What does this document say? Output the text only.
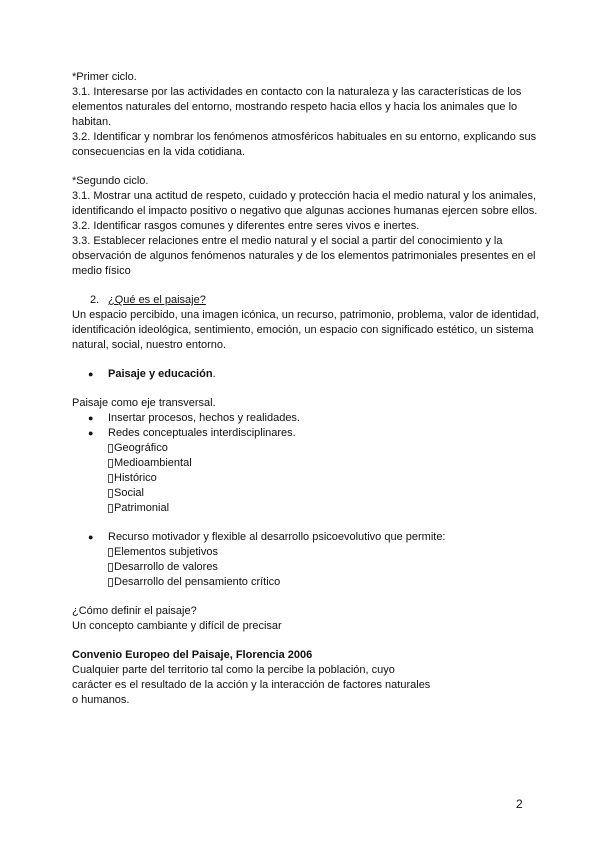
*Primer ciclo.

3.1. Interesarse por las actividades en contacto con la naturaleza y las características de los elementos naturales del entorno, mostrando respeto hacia ellos y hacia los animales que lo habitan.

3.2. Identificar y nombrar los fenómenos atmosféricos habituales en su entorno, explicando sus consecuencias en la vida cotidiana.

*Segundo ciclo.

3.1. Mostrar una actitud de respeto, cuidado y protección hacia el medio natural y los animales, identificando el impacto positivo o negativo que algunas acciones humanas ejercen sobre ellos.

3.2. Identificar rasgos comunes y diferentes entre seres vivos e inertes.

3.3. Establecer relaciones entre el medio natural y el social a partir del conocimiento y la observación de algunos fenómenos naturales y de los elementos patrimoniales presentes en el medio físico

2. ¿Qué es el paisaje?

Un espacio percibido, una imagen icónica, un recurso, patrimonio, problema, valor de identidad, identificación ideológica, sentimiento, emoción, un espacio con significado estético, un sistema natural, social, nuestro entorno.

● Paisaje y educación.

Paisaje como eje transversal.

● Insertar procesos, hechos y realidades.
● Redes conceptuales interdisciplinares.
Geográfico
Medioambiental
Histórico
Social
Patrimonial
● Recurso motivador y flexible al desarrollo psicoevolutivo que permite:
Elementos subjetivos
Desarrollo de valores
Desarrollo del pensamiento crítico

¿Cómo definir el paisaje?

Un concepto cambiante y difícil de precisar

Convenio Europeo del Paisaje, Florencia 2006

Cualquier parte del territorio tal como la percibe la población, cuyo

carácter es el resultado de la acción y la interacción de factores naturales

o humanos.

2
